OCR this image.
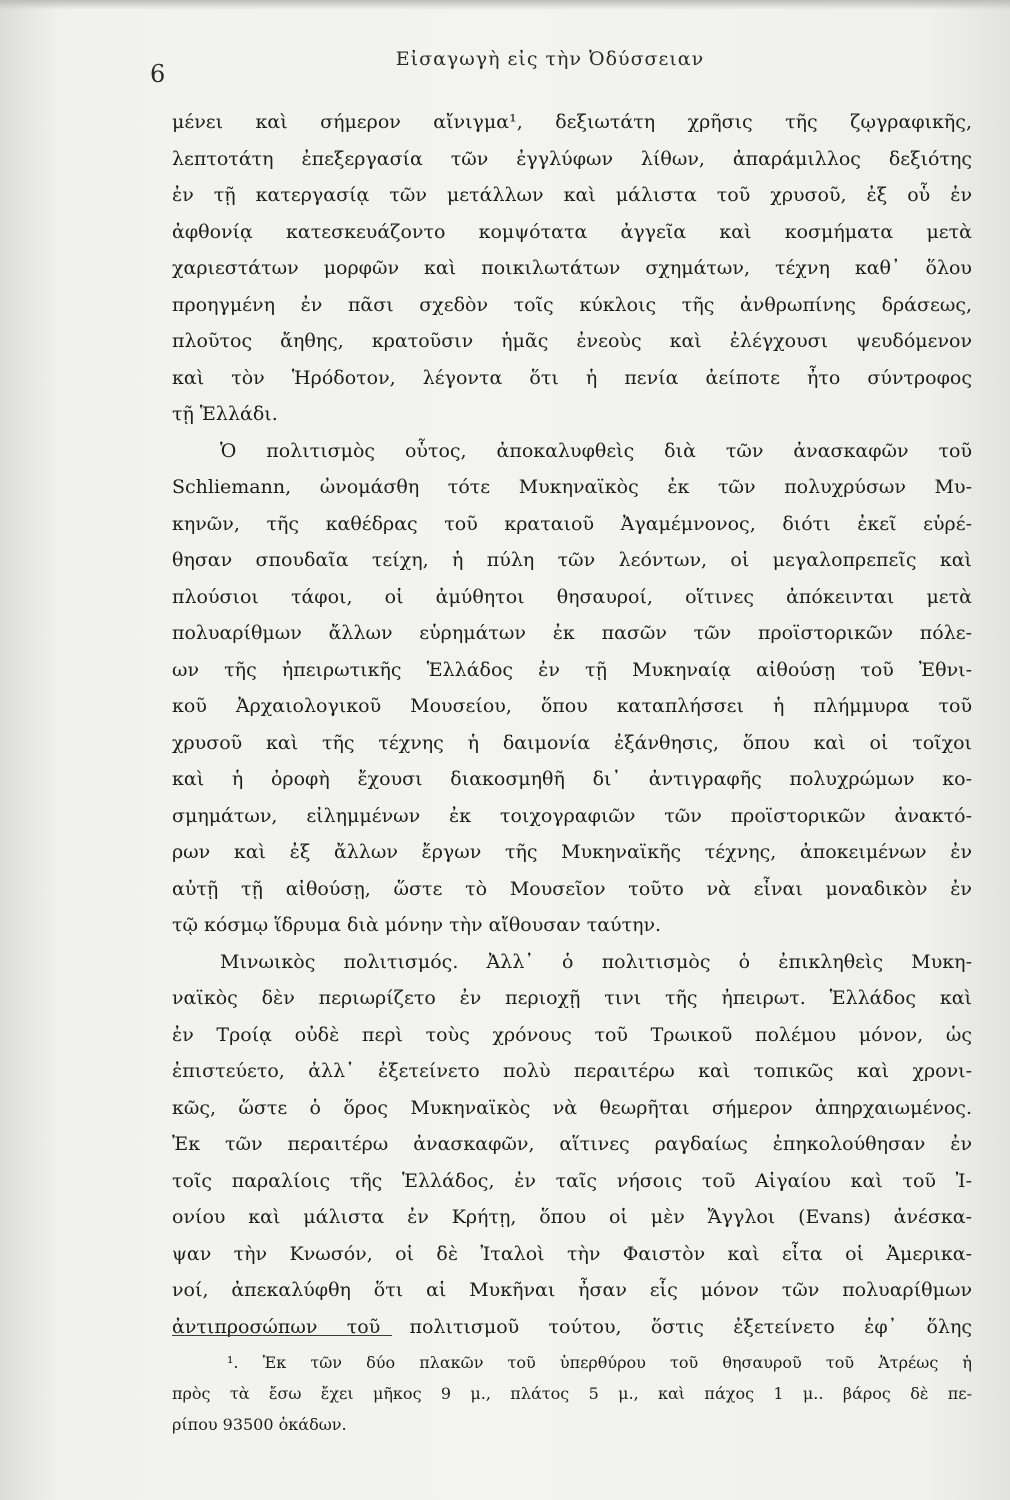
6
Εἰσαγωγὴ εἰς τὴν Ὀδύσσειαν
μένει καὶ σήμερον αἴνιγμα¹, δεξιωτάτη χρῆσις τῆς ζῳγραφικῆς,
λεπτοτάτη ἐπεξεργασία τῶν ἐγγλύφων λίθων, ἀπαράμιλλος δεξιότης
ἐν τῇ κατεργασίᾳ τῶν μετάλλων καὶ μάλιστα τοῦ χρυσοῦ, ἐξ οὗ ἐν
ἀφθονίᾳ κατεσκευάζοντο κομψότατα ἀγγεῖα καὶ κοσμήματα μετὰ
χαριεστάτων μορφῶν καὶ ποικιλωτάτων σχημάτων, τέχνη καθ᾽ ὅλου
προηγμένη ἐν πᾶσι σχεδὸν τοῖς κύκλοις τῆς ἀνθρωπίνης δράσεως,
πλοῦτος ἄηθης, κρατοῦσιν ἡμᾶς ἐνεοὺς καὶ ἐλέγχουσι ψευδόμενον
καὶ τὸν Ἡρόδοτον, λέγοντα ὅτι ἡ πενία ἀείποτε ἦτο σύντροφος
τῇ Ἑλλάδι.
Ὁ πολιτισμὸς οὗτος, ἀποκαλυφθεὶς διὰ τῶν ἀνασκαφῶν τοῦ
Schliemann, ὠνομάσθη τότε Μυκηναϊκὸς ἐκ τῶν πολυχρύσων Μυ-
κηνῶν, τῆς καθέδρας τοῦ κραταιοῦ Ἀγαμέμνονος, διότι ἐκεῖ εὑρέ-
θησαν σπουδαῖα τείχη, ἡ πύλη τῶν λεόντων, οἱ μεγαλοπρεπεῖς καὶ
πλούσιοι τάφοι, οἱ ἀμύθητοι θησαυροί, οἵτινες ἀπόκεινται μετὰ
πολυαρίθμων ἄλλων εὑρημάτων ἐκ πασῶν τῶν προϊστορικῶν πόλε-
ων τῆς ἠπειρωτικῆς Ἑλλάδος ἐν τῇ Μυκηναίᾳ αἰθούσῃ τοῦ Ἐθνι-
κοῦ Ἀρχαιολογικοῦ Μουσείου, ὅπου καταπλήσσει ἡ πλήμμυρα τοῦ
χρυσοῦ καὶ τῆς τέχνης ἡ δαιμονία ἐξάνθησις, ὅπου καὶ οἱ τοῖχοι
καὶ ἡ ὀροφὴ ἔχουσι διακοσμηθῆ δι᾽ ἀντιγραφῆς πολυχρώμων κο-
σμημάτων, εἰλημμένων ἐκ τοιχογραφιῶν τῶν προϊστορικῶν ἀνακτό-
ρων καὶ ἐξ ἄλλων ἔργων τῆς Μυκηναϊκῆς τέχνης, ἀποκειμένων ἐν
αὐτῇ τῇ αἰθούσῃ, ὥστε τὸ Μουσεῖον τοῦτο νὰ εἶναι μοναδικὸν ἐν
τῷ κόσμῳ ἵδρυμα διὰ μόνην τὴν αἴθουσαν ταύτην.
Μινωικὸς πολιτισμός. Ἀλλ᾽ ὁ πολιτισμὸς ὁ ἐπικληθεὶς Μυκη-
ναϊκὸς δὲν περιωρίζετο ἐν περιοχῇ τινι τῆς ἠπειρωτ. Ἑλλάδος καὶ
ἐν Τροίᾳ οὐδὲ περὶ τοὺς χρόνους τοῦ Τρωικοῦ πολέμου μόνον, ὡς
ἐπιστεύετο, ἀλλ᾽ ἐξετείνετο πολὺ περαιτέρω καὶ τοπικῶς καὶ χρονι-
κῶς, ὥστε ὁ ὅρος Μυκηναϊκὸς νὰ θεωρῆται σήμερον ἀπηρχαιωμένος.
Ἐκ τῶν περαιτέρω ἀνασκαφῶν, αἵτινες ραγδαίως ἐπηκολούθησαν ἐν
τοῖς παραλίοις τῆς Ἑλλάδος, ἐν ταῖς νήσοις τοῦ Αἰγαίου καὶ τοῦ Ἰ-
ονίου καὶ μάλιστα ἐν Κρήτῃ, ὅπου οἱ μὲν Ἄγγλοι (Evans) ἀνέσκα-
ψαν τὴν Κνωσόν, οἱ δὲ Ἰταλοὶ τὴν Φαιστὸν καὶ εἶτα οἱ Ἀμερικα-
νοί, ἀπεκαλύφθη ὅτι αἱ Μυκῆναι ἦσαν εἷς μόνον τῶν πολυαρίθμων
ἀντιπροσώπων τοῦ πολιτισμοῦ τούτου, ὅστις ἐξετείνετο ἐφ᾽ ὅλης
¹. Ἐκ τῶν δύο πλακῶν τοῦ ὑπερθύρου τοῦ θησαυροῦ τοῦ Ἀτρέως ἡ
πρὸς τὰ ἔσω ἔχει μῆκος 9 μ., πλάτος 5 μ., καὶ πάχος 1 μ.. βάρος δὲ πε-
ρίπου 93500 ὀκάδων.
